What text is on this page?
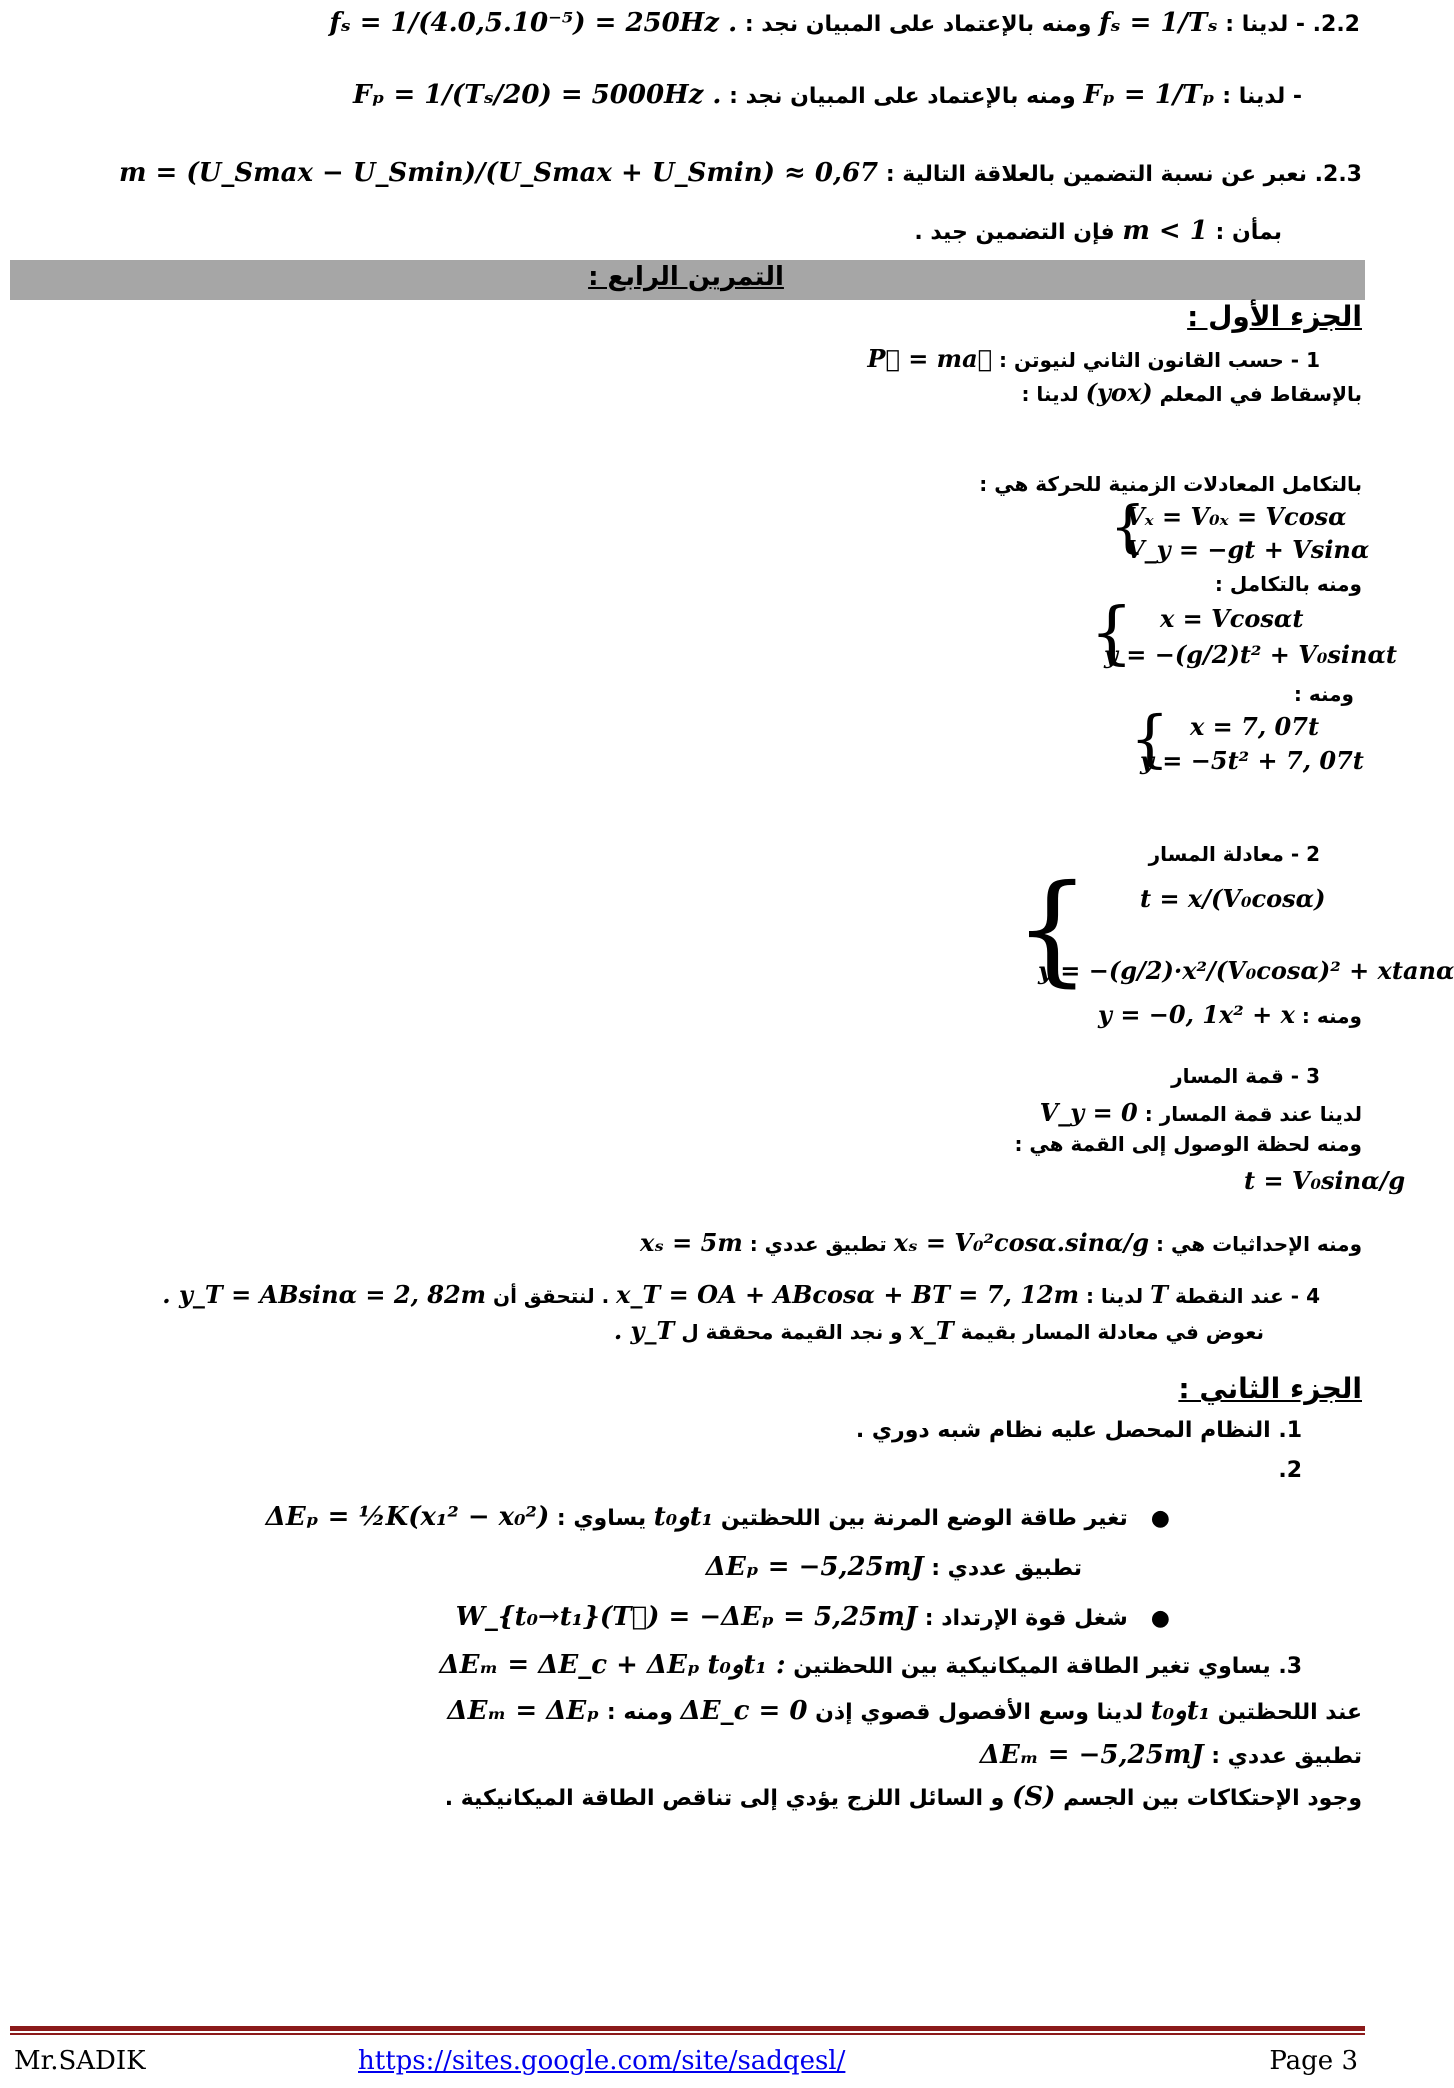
2.2. - لدينا : fₛ = 1/Tₛ ومنه بالإعتماد على المبيان نجد : fₛ = 1/(4.0,5.10⁻⁵) = 250Hz .
- لدينا : Fₚ = 1/Tₚ ومنه بالإعتماد على المبيان نجد : Fₚ = 1/(Tₛ/20) = 5000Hz .
2.3. نعبر عن نسبة التضمين بالعلاقة التالية : m = (U_Smax − U_Smin)/(U_Smax + U_Smin) ≈ 0,67
بمأن : m < 1 فإن التضمين جيد .
التمرين الرابع :
الجزء الأول :
1 - حسب القانون الثاني لنيوتن : P⃗ = ma⃗
بالإسقاط في المعلم (yox) لدينا :
بالتكامل المعادلات الزمنية للحركة هي :
{
Vₓ = V₀ₓ = Vcosα
V_y = −gt + Vsinα
ومنه بالتكامل :
{ x = Vcosαt
y = −(g/2)t² + V₀sinαt
ومنه :
{ x = 7, 07t
y = −5t² + 7, 07t
2 - معادلة المسار
{ t = x/(V₀cosα)
y = −(g/2)·x²/(V₀cosα)² + xtanα
ومنه : y = −0, 1x² + x
3 - قمة المسار
لدينا عند قمة المسار : V_y = 0
ومنه لحظة الوصول إلى القمة هي :
t = V₀sinα/g
ومنه الإحداثيات هي : xₛ = V₀²cosα.sinα/g تطبيق عددي : xₛ = 5m
4 - عند النقطة T لدينا : x_T = OA + ABcosα + BT = 7, 12m . لنتحقق أن y_T = ABsinα = 2, 82m .
نعوض في معادلة المسار بقيمة x_T و نجد القيمة محققة ل y_T .
الجزء الثاني :
1. النظام المحصل عليه نظام شبه دوري .
2.
●   تغير طاقة الوضع المرنة بين اللحظتين t₀وt₁ يساوي : ΔEₚ = ½K(x₁² − x₀²)
تطبيق عددي : ΔEₚ = −5,25mJ
●   شغل قوة الإرتداد : W_{t₀→t₁}(T⃗) = −ΔEₚ = 5,25mJ
3. يساوي تغير الطاقة الميكانيكية بين اللحظتين t₀وt₁ : ΔEₘ = ΔE_c + ΔEₚ
عند اللحظتين t₀وt₁ لدينا وسع الأفصول قصوي إذن ΔE_c = 0 ومنه : ΔEₘ = ΔEₚ
تطبيق عددي : ΔEₘ = −5,25mJ
وجود الإحتكاكات بين الجسم (S) و السائل اللزج يؤدي إلى تناقص الطاقة الميكانيكية .
Mr.SADIK	https://sites.google.com/site/sadqesl/	Page 3
